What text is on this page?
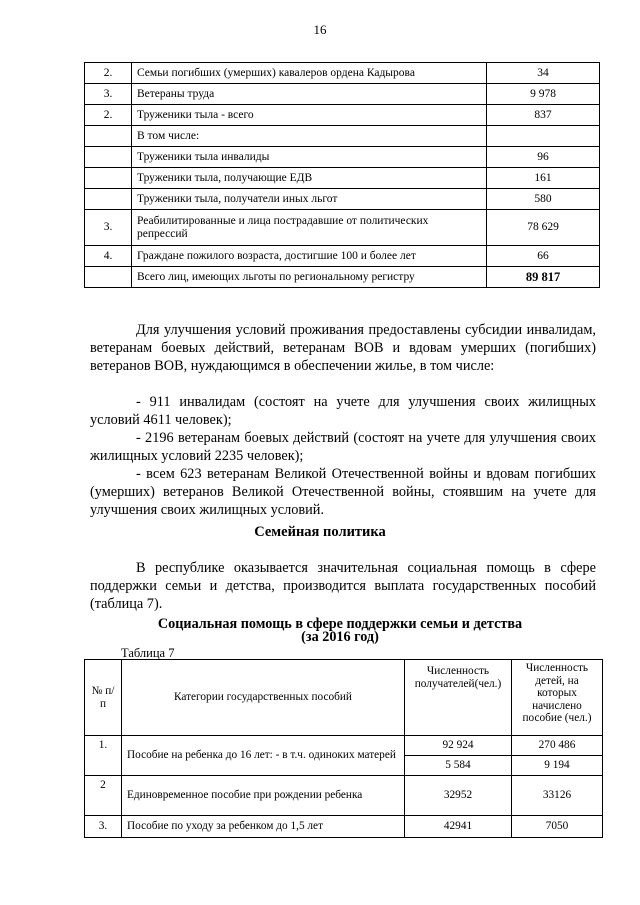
16
2.	Семьи погибших (умерших) кавалеров ордена Кадырова	34
3.	Ветераны труда	9 978
2.	Труженики тыла - всего	837
	В том числе:	
	Труженики тыла инвалиды	96
	Труженики тыла, получающие ЕДВ	161
	Труженики тыла, получатели иных льгот	580
3.	Реабилитированные и лица пострадавшие от политических репрессий	78 629
4.	Граждане пожилого возраста, достигшие 100 и более лет	66
	Всего лиц, имеющих льготы по региональному регистру	89 817

Для улучшения условий проживания предоставлены субсидии инвалидам, ветеранам боевых действий, ветеранам ВОВ и вдовам умерших (погибших) ветеранов ВОВ, нуждающимся в обеспечении жилье, в том числе:

- 911 инвалидам (состоят на учете для улучшения своих жилищных условий 4611 человек);

- 2196 ветеранам боевых действий (состоят на учете для улучшения своих жилищных условий 2235 человек);

- всем 623 ветеранам Великой Отечественной войны и вдовам погибших (умерших) ветеранов Великой Отечественной войны, стоявшим на учете для улучшения своих жилищных условий.

Семейная политика

В республике оказывается значительная социальная помощь в сфере поддержки семьи и детства, производится выплата государственных пособий (таблица 7).

Социальная помощь в сфере поддержки семьи и детства
(за 2016 год)
Таблица 7
№ п/п	Категории государственных пособий	Численность получателей(чел.)	Численность детей, на которых начислено пособие (чел.)
1.	Пособие на ребенка до 16 лет: - в т.ч. одиноких матерей	92 924	270 486
		5 584	9 194
2	Единовременное пособие при рождении ребенка	32952	33126
3.	Пособие по уходу за ребенком до 1,5 лет	42941	7050
